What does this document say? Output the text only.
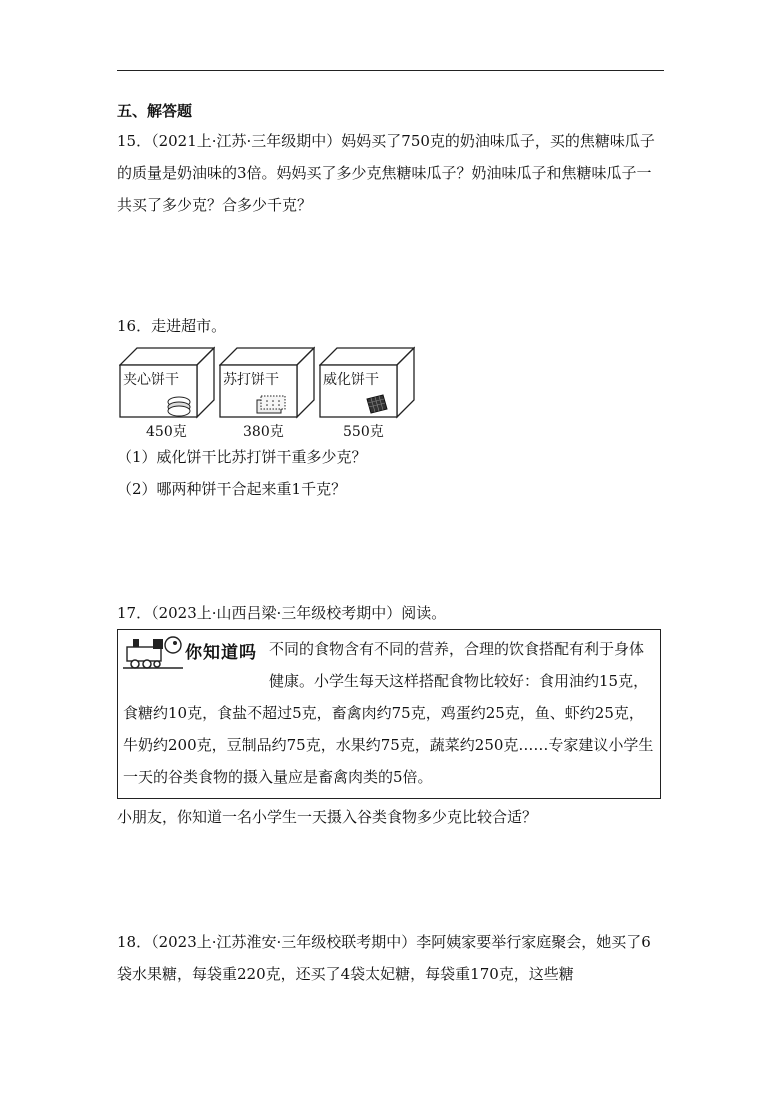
五、解答题
15．（2021上·江苏·三年级期中）妈妈买了750克的奶油味瓜子，买的焦糖味瓜子的质量是奶油味的3倍。妈妈买了多少克焦糖味瓜子？奶油味瓜子和焦糖味瓜子一共买了多少克？合多少千克？
16．走进超市。
夹心饼干
450克
苏打饼干
380克
威化饼干
550克
（1）威化饼干比苏打饼干重多少克？
（2）哪两种饼干合起来重1千克？
17．（2023上·山西吕梁·三年级校考期中）阅读。
你知道吗 不同的食物含有不同的营养，合理的饮食搭配有利于身体健康。小学生每天这样搭配食物比较好：食用油约15克，食糖约10克，食盐不超过5克，畜禽肉约75克，鸡蛋约25克，鱼、虾约25克，牛奶约200克，豆制品约75克，水果约75克，蔬菜约250克……专家建议小学生一天的谷类食物的摄入量应是畜禽肉类的5倍。
小朋友，你知道一名小学生一天摄入谷类食物多少克比较合适？
18．（2023上·江苏淮安·三年级校联考期中）李阿姨家要举行家庭聚会，她买了6袋水果糖，每袋重220克，还买了4袋太妃糖，每袋重170克，这些糖
